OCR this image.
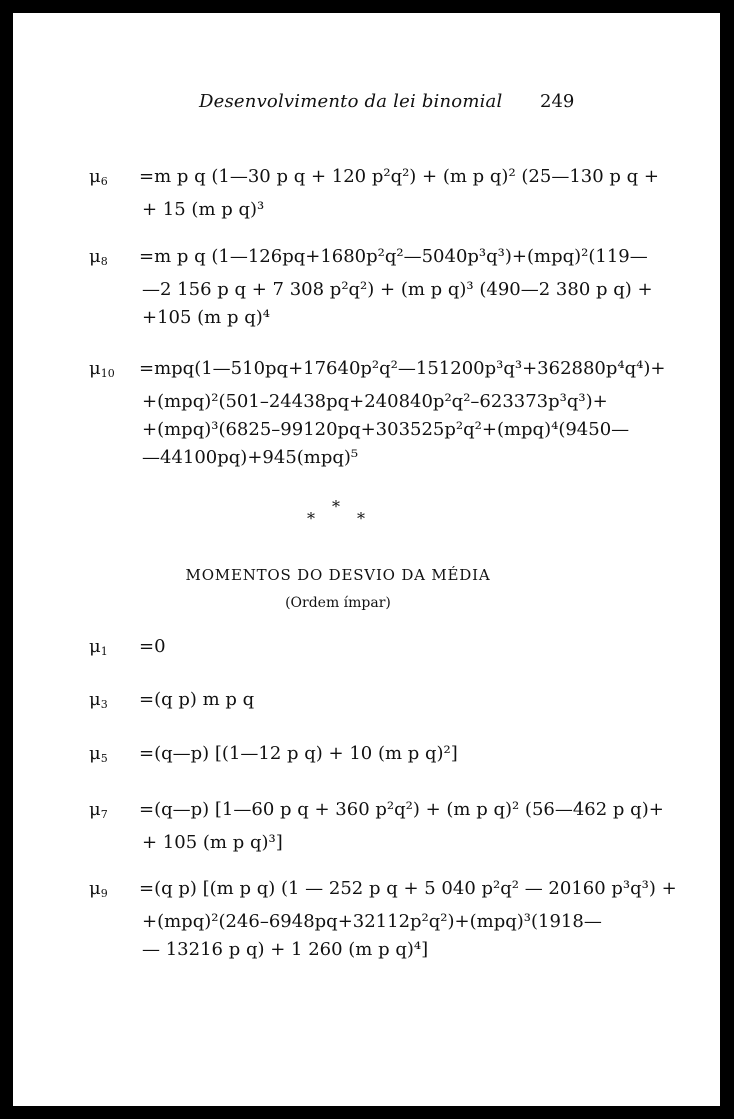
Desenvolvimento da lei binomial 249
$\mu_6 =m$ p q (1—30 p q + 120 p²q²) + (m p q)² (25—130 p q +
+ 15 (m p q)³
$\mu_8 =m$ p q (1—126pq+1680p²q²—5040p³q³)+(mpq)²(119—
—2 156 p q + 7 308 p²q²) + (m p q)³ (490—2 380 p q) +
+105 (m p q)⁴
$\mu_{10}$ =mpq(1—510pq+17640p²q²—151200p³q³+362880p⁴q⁴)+
+(mpq)²(501–24438pq+240840p²q²–623373p³q³)+
+(mpq)³(6825–99120pq+303525p²q²+(mpq)⁴(9450—
—44100pq)+945(mpq)⁵
*
*	*
MOMENTOS DO DESVIO DA MÉDIA
(Ordem ímpar)
$\mu_1 =0$
$\mu_3 =(q$ p) m p q
$\mu_5$ =(q—p) [(1—12 p q) + 10 (m p q)²]
$\mu_7$ =(q—p) [1—60 p q + 360 p²q²) + (m p q)² (56—462 p q)+
+ 105 (m p q)³]
$\mu_9 =(q$ p) [(m p q) (1 — 252 p q + 5 040 p²q² — 20160 p³q³) +
+(mpq)²(246–6948pq+32112p²q²)+(mpq)³(1918—
— 13216 p q) + 1 260 (m p q)⁴]
